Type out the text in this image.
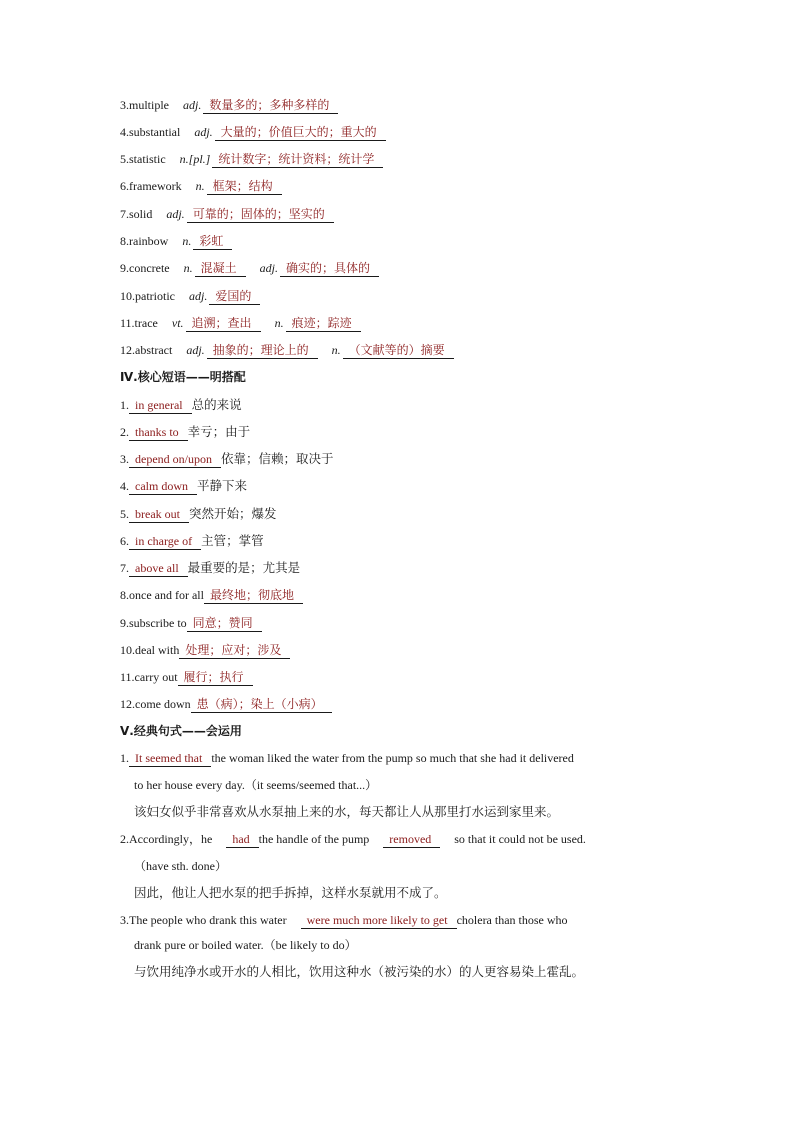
3.multiple adj. 数量多的；多种多样的
4.substantial adj. 大量的；价值巨大的；重大的
5.statistic n.[pl.] 统计数字；统计资料；统计学
6.framework n. 框架；结构
7.solid adj. 可靠的；固体的；坚实的
8.rainbow n. 彩虹
9.concrete n. 混凝土 adj. 确实的；具体的
10.patriotic adj. 爱国的
11.trace vt. 追溯；查出 n. 痕迹；踪迹
12.abstract adj. 抽象的；理论上的 n. （文献等的）摘要
Ⅳ.核心短语——明搭配
1. in general 总的来说
2. thanks to 幸亏；由于
3. depend on/upon 依靠；信赖；取决于
4. calm down 平静下来
5. break out 突然开始；爆发
6. in charge of 主管；掌管
7. above all 最重要的是；尤其是
8.once and for all 最终地；彻底地
9.subscribe to 同意；赞同
10.deal with 处理；应对；涉及
11.carry out 履行；执行
12.come down 患（病）；染上（小病）
Ⅴ.经典句式——会运用
1. It seemed that the woman liked the water from the pump so much that she had it delivered
to her house every day.（it seems/seemed that...）
该妇女似乎非常喜欢从水泵抽上来的水，每天都让人从那里打水运到家里来。
2.Accordingly，he had the handle of the pump removed so that it could not be used.
（have sth. done）
因此，他让人把水泵的把手拆掉，这样水泵就用不成了。
3.The people who drank this water were much more likely to get cholera than those who
drank pure or boiled water.（be likely to do）
与饮用纯净水或开水的人相比，饮用这种水（被污染的水）的人更容易染上霍乱。
